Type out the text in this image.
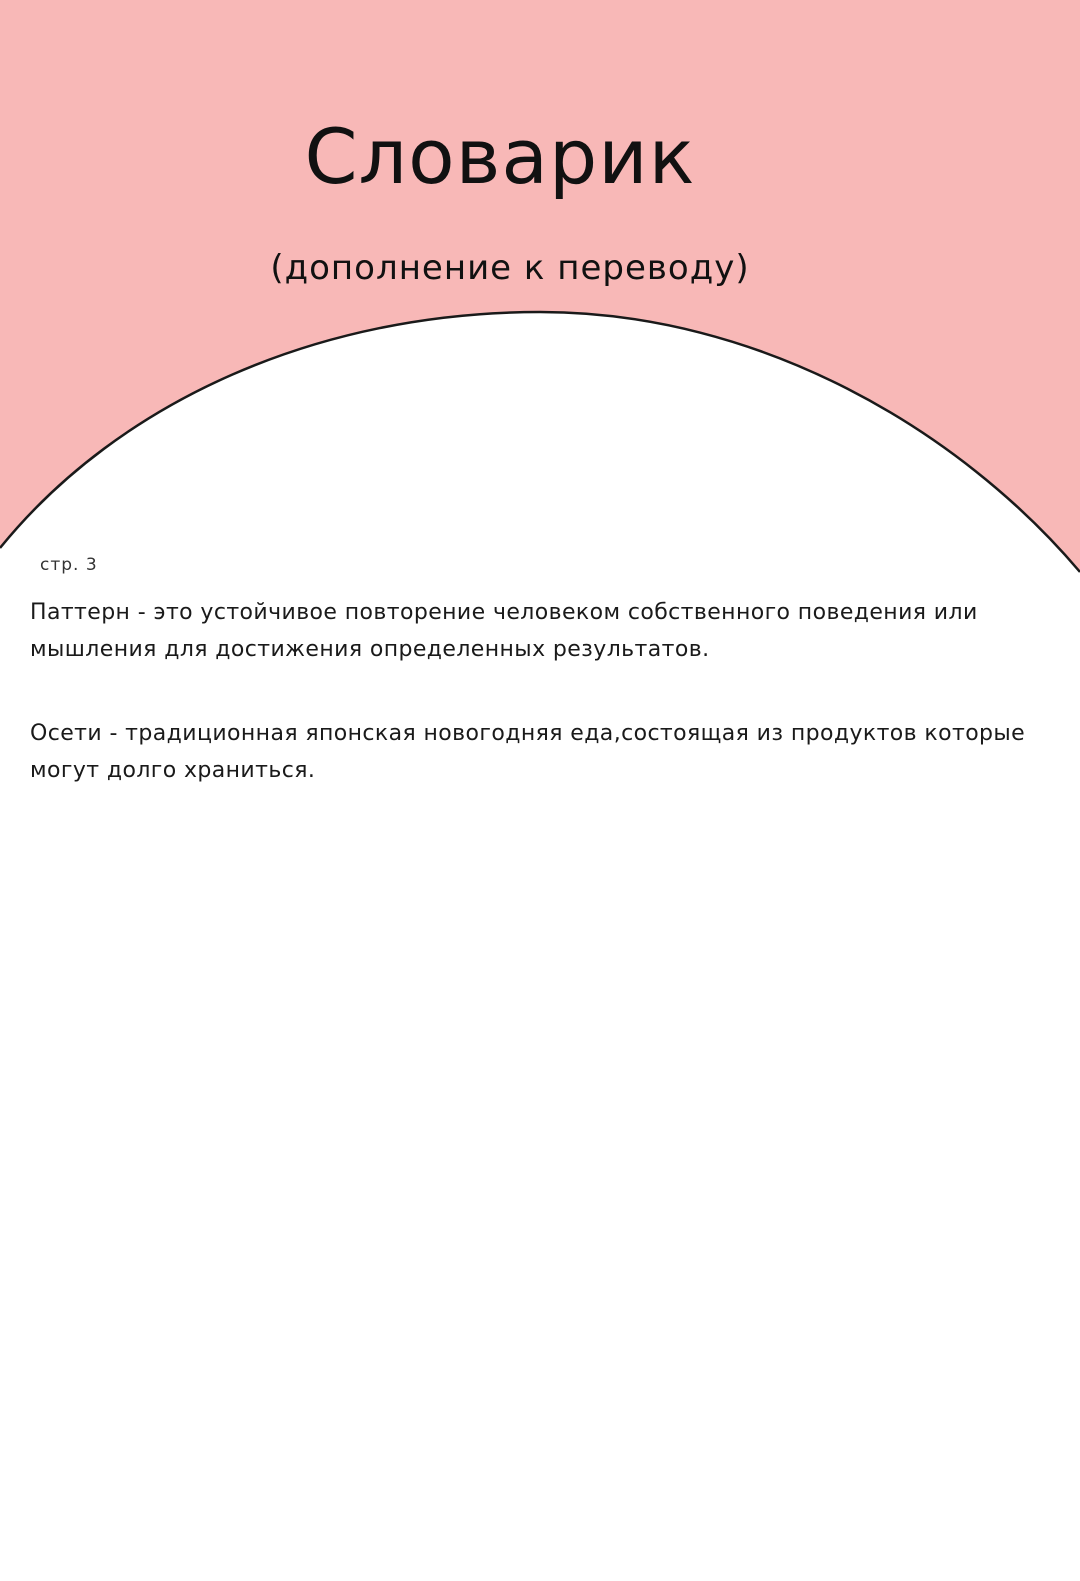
Словарик
(дополнение к переводу)
стр. 3

Паттерн - это устойчивое повторение человеком собственного поведения или мышления для достижения определенных результатов.

Осети - традиционная японская новогодняя еда,состоящая из продуктов которые могут долго храниться.
